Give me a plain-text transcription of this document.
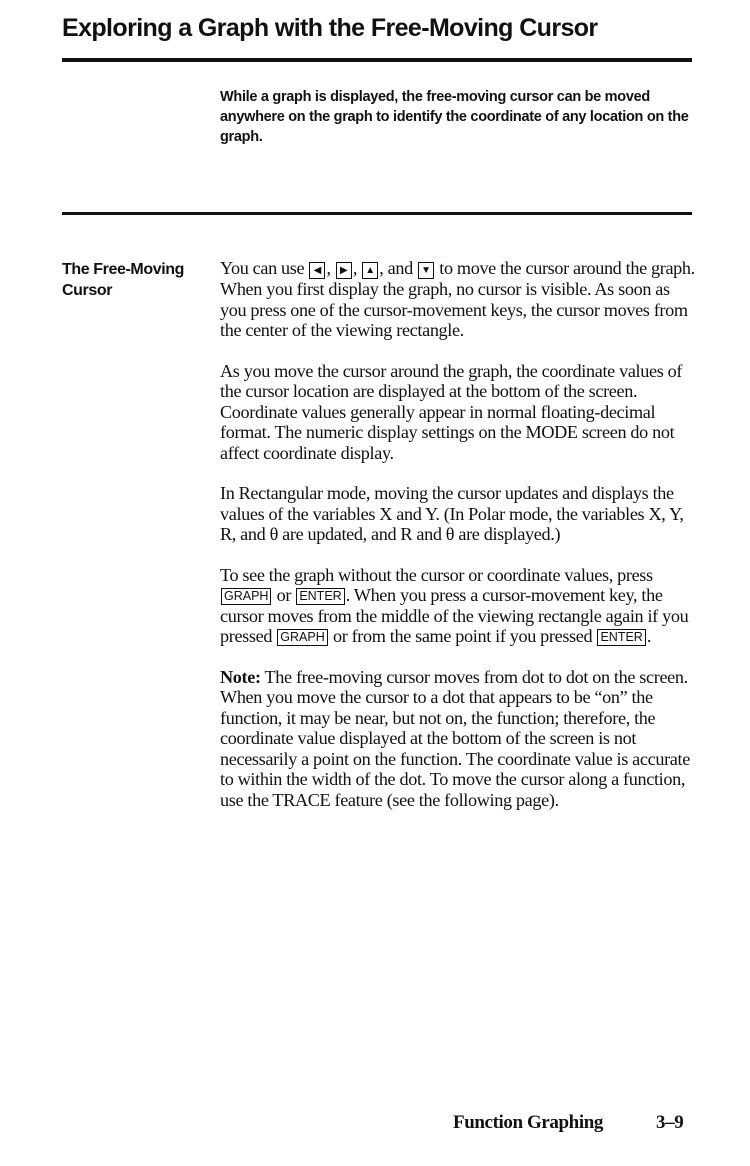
Exploring a Graph with the Free-Moving Cursor
While a graph is displayed, the free-moving cursor can be moved anywhere on the graph to identify the coordinate of any location on the graph.
The Free-Moving Cursor

You can use ◀ , ▶ , ▲ , and ▼ to move the cursor around the graph. When you first display the graph, no cursor is visible. As soon as you press one of the cursor-movement keys, the cursor moves from the center of the viewing rectangle.

As you move the cursor around the graph, the coordinate values of the cursor location are displayed at the bottom of the screen. Coordinate values generally appear in normal floating-decimal format. The numeric display settings on the MODE screen do not affect coordinate display.

In Rectangular mode, moving the cursor updates and displays the values of the variables X and Y. (In Polar mode, the variables X, Y, R, and θ are updated, and R and θ are displayed.)

To see the graph without the cursor or coordinate values, press GRAPH or ENTER . When you press a cursor-movement key, the cursor moves from the middle of the viewing rectangle again if you pressed GRAPH or from the same point if you pressed ENTER .

Note: The free-moving cursor moves from dot to dot on the screen. When you move the cursor to a dot that appears to be “on” the function, it may be near, but not on, the function; therefore, the coordinate value displayed at the bottom of the screen is not necessarily a point on the function. The coordinate value is accurate to within the width of the dot. To move the cursor along a function, use the TRACE feature (see the following page).

Function Graphing	3–9
